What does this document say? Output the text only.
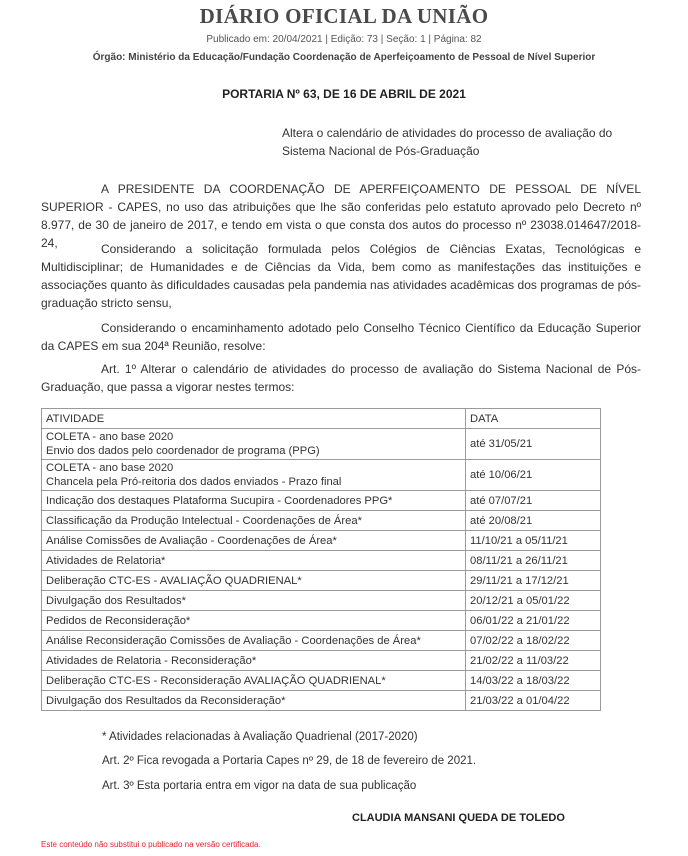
DIÁRIO OFICIAL DA UNIÃO
Publicado em: 20/04/2021 | Edição: 73 | Seção: 1 | Página: 82
Órgão: Ministério da Educação/Fundação Coordenação de Aperfeiçoamento de Pessoal de Nível Superior
PORTARIA Nº 63, DE 16 DE ABRIL DE 2021
Altera o calendário de atividades do processo de avaliação do Sistema Nacional de Pós-Graduação

A PRESIDENTE DA COORDENAÇÃO DE APERFEIÇOAMENTO DE PESSOAL DE NÍVEL SUPERIOR - CAPES, no uso das atribuições que lhe são conferidas pelo estatuto aprovado pelo Decreto nº 8.977, de 30 de janeiro de 2017, e tendo em vista o que consta dos autos do processo nº 23038.014647/2018-24,	Considerando a solicitação formulada pelos Colégios de Ciências Exatas, Tecnológicas e Multidisciplinar; de Humanidades e de Ciências da Vida, bem como as manifestações das instituições e associações quanto às dificuldades causadas pela pandemia nas atividades acadêmicas dos programas de pós-graduação stricto sensu,

Considerando o encaminhamento adotado pelo Conselho Técnico Científico da Educação Superior da CAPES em sua 204ª Reunião, resolve:

Art. 1º Alterar o calendário de atividades do processo de avaliação do Sistema Nacional de Pós-Graduação, que passa a vigorar nestes termos:

ATIVIDADE	DATA

COLETA - ano base 2020
Envio dos dados pelo coordenador de programa (PPG)	até 31/05/21

COLETA - ano base 2020
Chancela pela Pró-reitoria dos dados enviados - Prazo final	até 10/06/21
Indicação dos destaques Plataforma Sucupira - Coordenadores PPG*	até 07/07/21
Classificação da Produção Intelectual - Coordenações de Área*	até 20/08/21
Análise Comissões de Avaliação - Coordenações de Área*	11/10/21 a 05/11/21
Atividades de Relatoria*	08/11/21 a 26/11/21
Deliberação CTC-ES - AVALIAÇÃO QUADRIENAL*	29/11/21 a 17/12/21
Divulgação dos Resultados*	20/12/21 a 05/01/22
Pedidos de Reconsideração*	06/01/22 a 21/01/22
Análise Reconsideração Comissões de Avaliação - Coordenações de Área*	07/02/22 a 18/02/22
Atividades de Relatoria - Reconsideração*	21/02/22 a 11/03/22
Deliberação CTC-ES - Reconsideração AVALIAÇÃO QUADRIENAL*	14/03/22 a 18/03/22
Divulgação dos Resultados da Reconsideração*	21/03/22 a 01/04/22
* Atividades relacionadas à Avaliação Quadrienal (2017-2020)
Art. 2º Fica revogada a Portaria Capes nº 29, de 18 de fevereiro de 2021.
Art. 3º Esta portaria entra em vigor na data de sua publicação
CLAUDIA MANSANI QUEDA DE TOLEDO
Este conteúdo não substitui o publicado na versão certificada.
